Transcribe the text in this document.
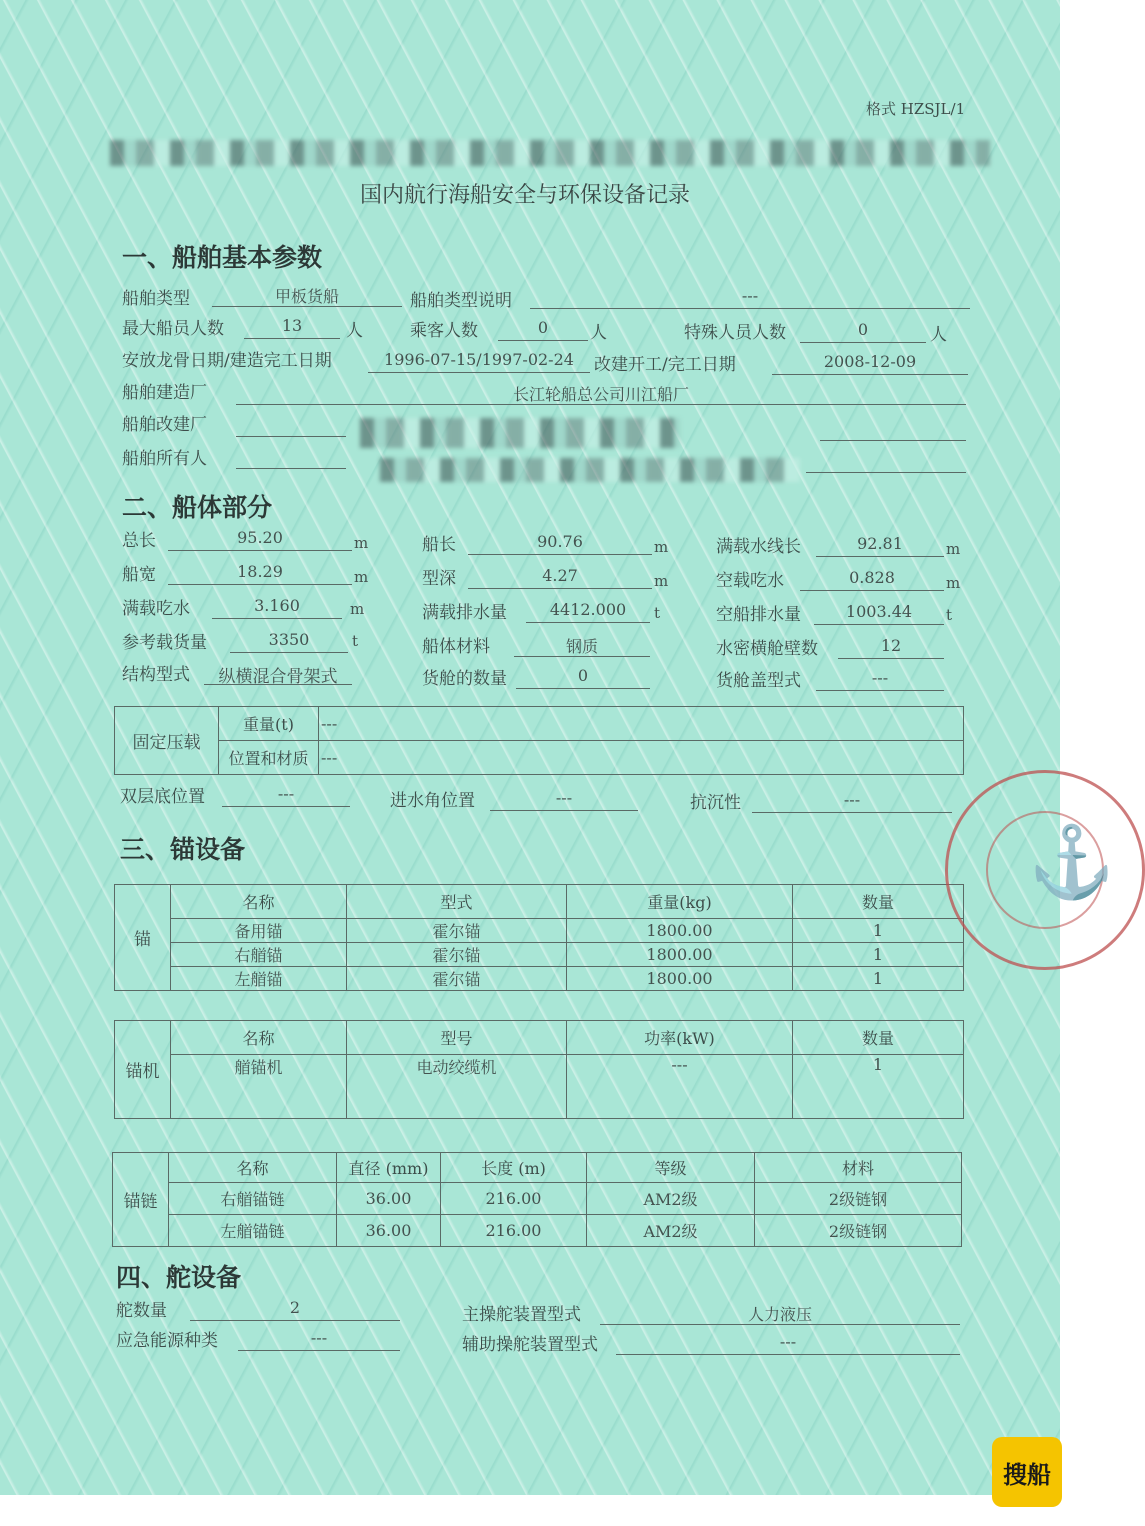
格式 HZSJL/1
国内航行海船安全与环保设备记录
一、船舶基本参数
船舶类型	甲板货船	船舶类型说明	---
最大船员人数	13	人	乘客人数	0	人	特殊人员人数	0	人
安放龙骨日期/建造完工日期	1996-07-15/1997-02-24	改建开工/完工日期	2008-12-09
船舶建造厂	长江轮船总公司川江船厂
船舶改建厂
船舶所有人
二、船体部分
总长	95.20	m	船长	90.76	m	满载水线长	92.81	m
船宽	18.29	m	型深	4.27	m	空载吃水	0.828	m
满载吃水	3.160	m	满载排水量	4412.000	t	空船排水量	1003.44	t
参考载货量	3350	t	船体材料	钢质	水密横舱壁数	12
结构型式	纵横混合骨架式	货舱的数量	0	货舱盖型式	---
固定压载	重量(t)	---
	位置和材质	---
双层底位置	---	进水角位置	---	抗沉性	---
三、锚设备
锚	名称	型式	重量(kg)	数量
	备用锚	霍尔锚	1800.00	1
	右艏锚	霍尔锚	1800.00	1
	左艏锚	霍尔锚	1800.00	1
锚机	名称	型号	功率(kW)	数量
	艏锚机	电动绞缆机	---	1
锚链	名称	直径 (mm)	长度 (m)	等级	材料
	右艏锚链	36.00	216.00	AM2级	2级链钢
	左艏锚链	36.00	216.00	AM2级	2级链钢
四、舵设备
舵数量	2	主操舵装置型式	人力液压
应急能源种类	---	辅助操舵装置型式	---
⚓
搜船
